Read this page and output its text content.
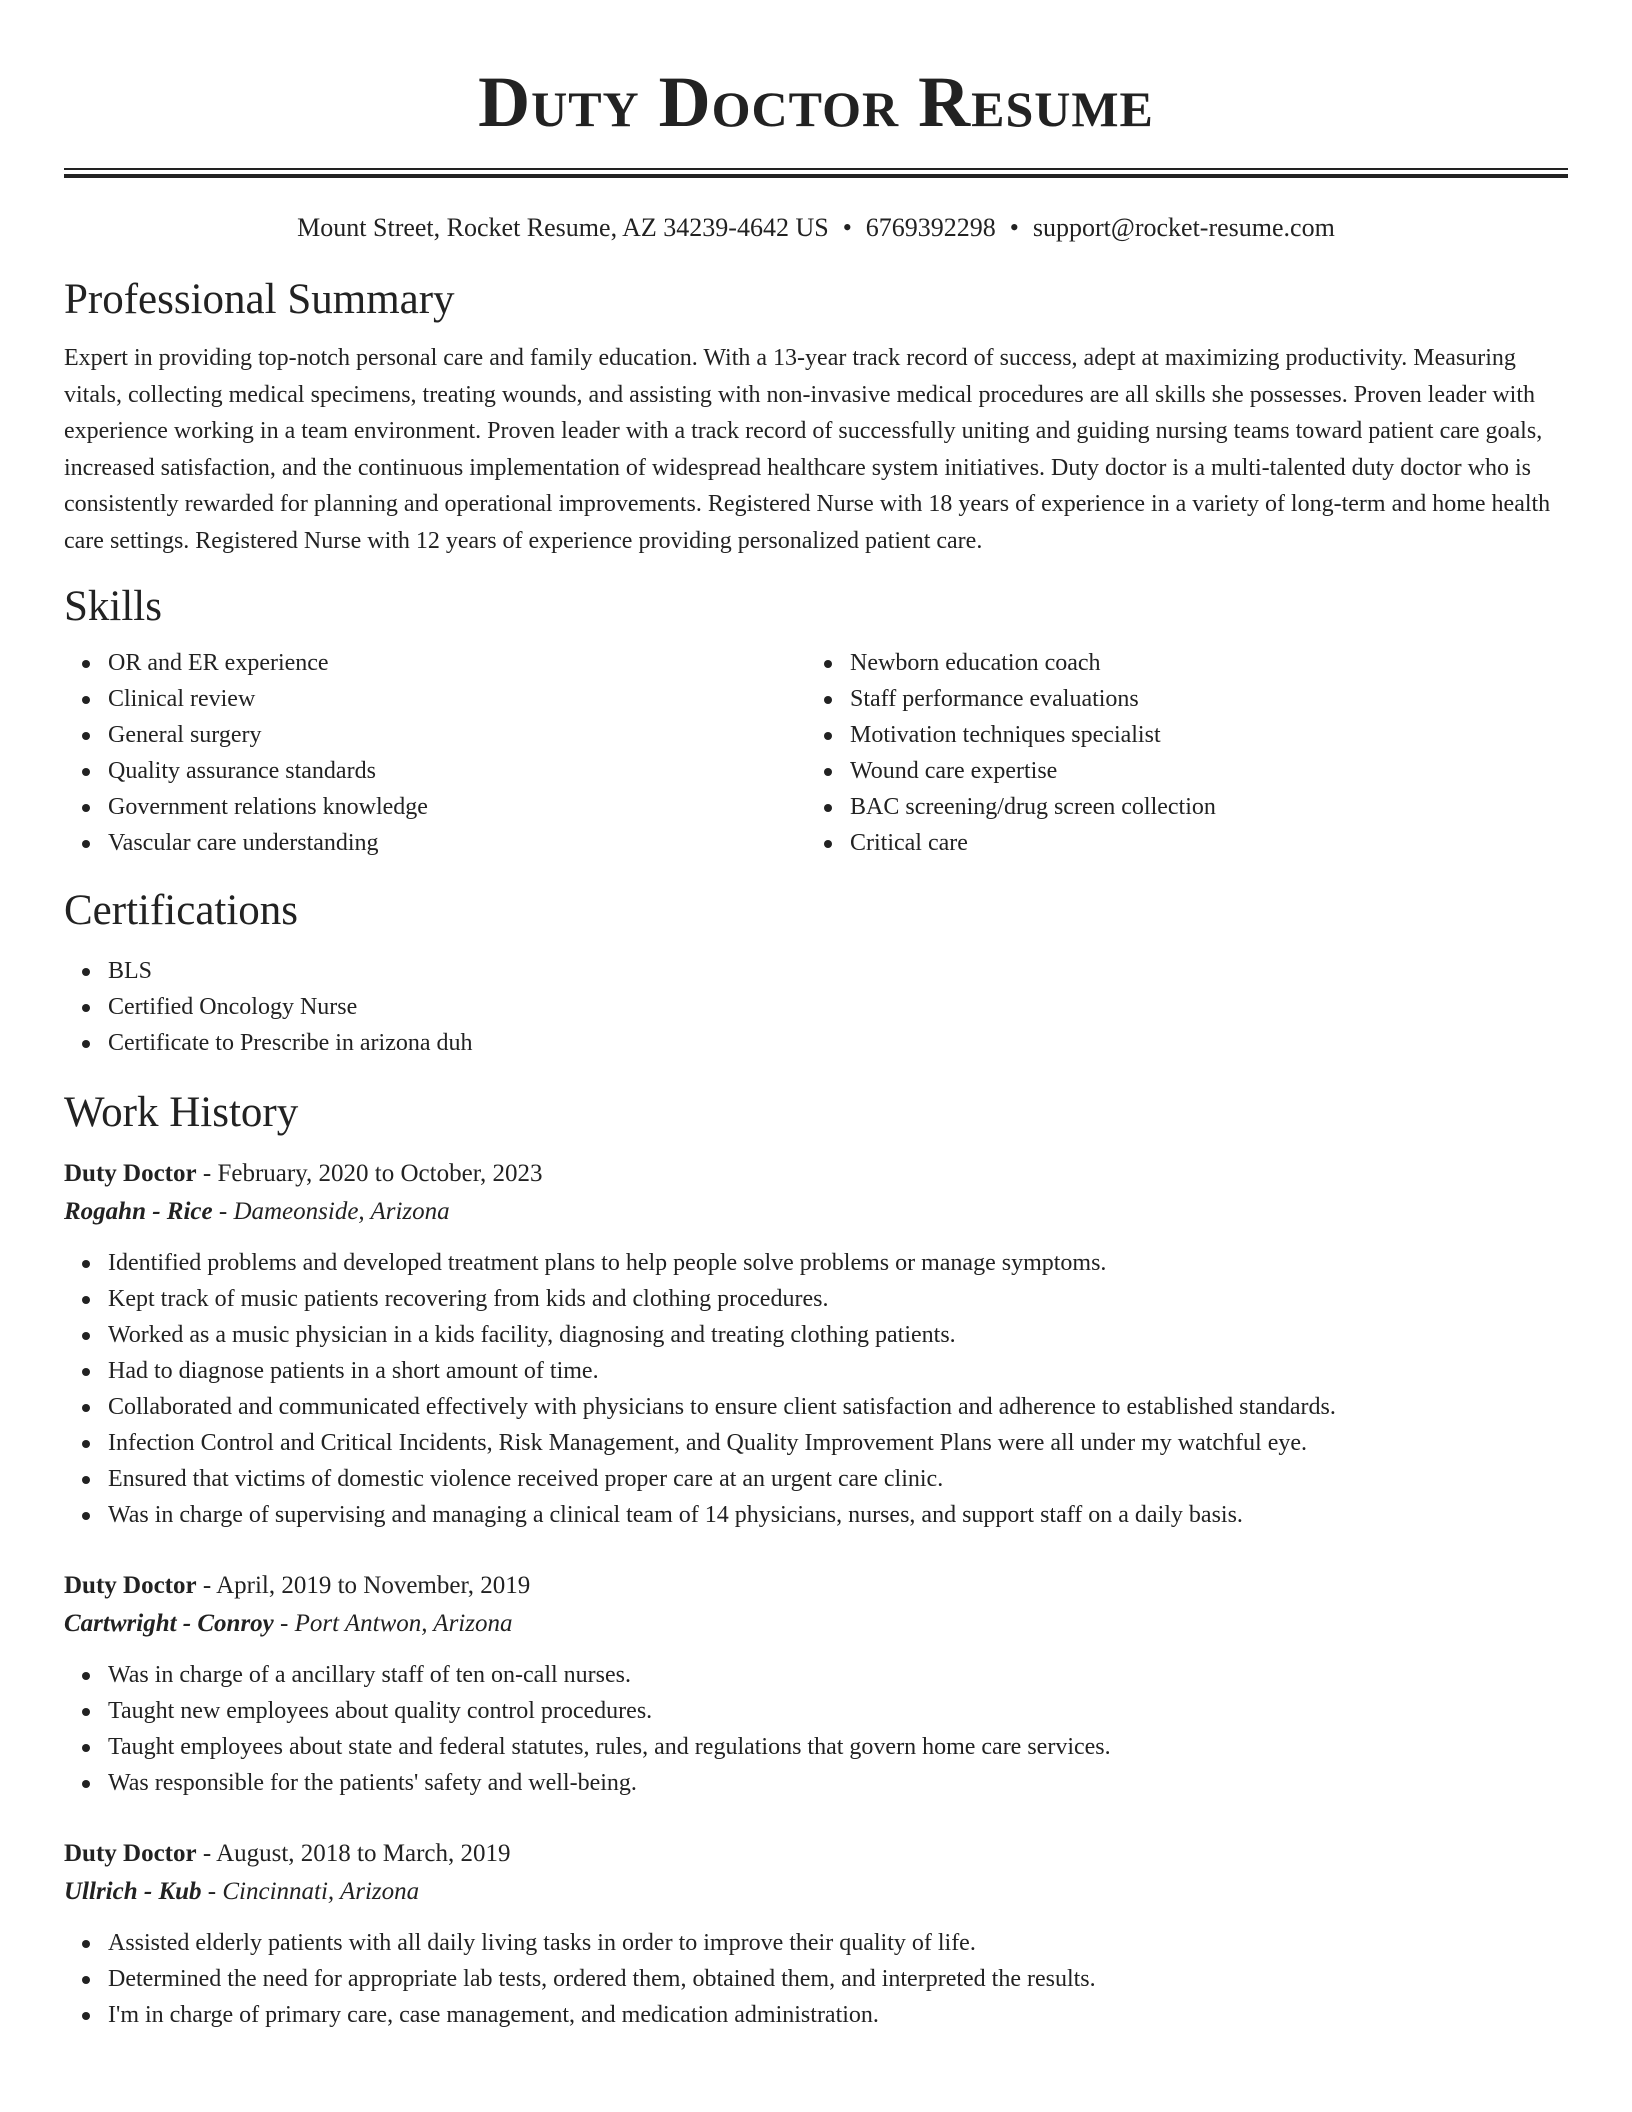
Duty Doctor Resume
Mount Street, Rocket Resume, AZ 34239-4642 US • 6769392298 • support@rocket-resume.com
Professional Summary

Expert in providing top-notch personal care and family education. With a 13-year track record of success, adept at maximizing productivity. Measuring vitals, collecting medical specimens, treating wounds, and assisting with non-invasive medical procedures are all skills she possesses. Proven leader with experience working in a team environment. Proven leader with a track record of successfully uniting and guiding nursing teams toward patient care goals, increased satisfaction, and the continuous implementation of widespread healthcare system initiatives. Duty doctor is a multi-talented duty doctor who is consistently rewarded for planning and operational improvements. Registered Nurse with 18 years of experience in a variety of long-term and home health care settings. Registered Nurse with 12 years of experience providing personalized patient care.

Skills
OR and ER experience
Clinical review
General surgery
Quality assurance standards
Government relations knowledge
Vascular care understanding
Newborn education coach
Staff performance evaluations
Motivation techniques specialist
Wound care expertise
BAC screening/drug screen collection
Critical care
Certifications
BLS
Certified Oncology Nurse
Certificate to Prescribe in arizona duh
Work History
Duty Doctor - February, 2020 to October, 2023
Rogahn - Rice - Dameonside, Arizona
Identified problems and developed treatment plans to help people solve problems or manage symptoms.
Kept track of music patients recovering from kids and clothing procedures.
Worked as a music physician in a kids facility, diagnosing and treating clothing patients.
Had to diagnose patients in a short amount of time.
Collaborated and communicated effectively with physicians to ensure client satisfaction and adherence to established standards.
Infection Control and Critical Incidents, Risk Management, and Quality Improvement Plans were all under my watchful eye.
Ensured that victims of domestic violence received proper care at an urgent care clinic.
Was in charge of supervising and managing a clinical team of 14 physicians, nurses, and support staff on a daily basis.
Duty Doctor - April, 2019 to November, 2019
Cartwright - Conroy - Port Antwon, Arizona
Was in charge of a ancillary staff of ten on-call nurses.
Taught new employees about quality control procedures.
Taught employees about state and federal statutes, rules, and regulations that govern home care services.
Was responsible for the patients' safety and well-being.
Duty Doctor - August, 2018 to March, 2019
Ullrich - Kub - Cincinnati, Arizona
Assisted elderly patients with all daily living tasks in order to improve their quality of life.
Determined the need for appropriate lab tests, ordered them, obtained them, and interpreted the results.
I'm in charge of primary care, case management, and medication administration.
